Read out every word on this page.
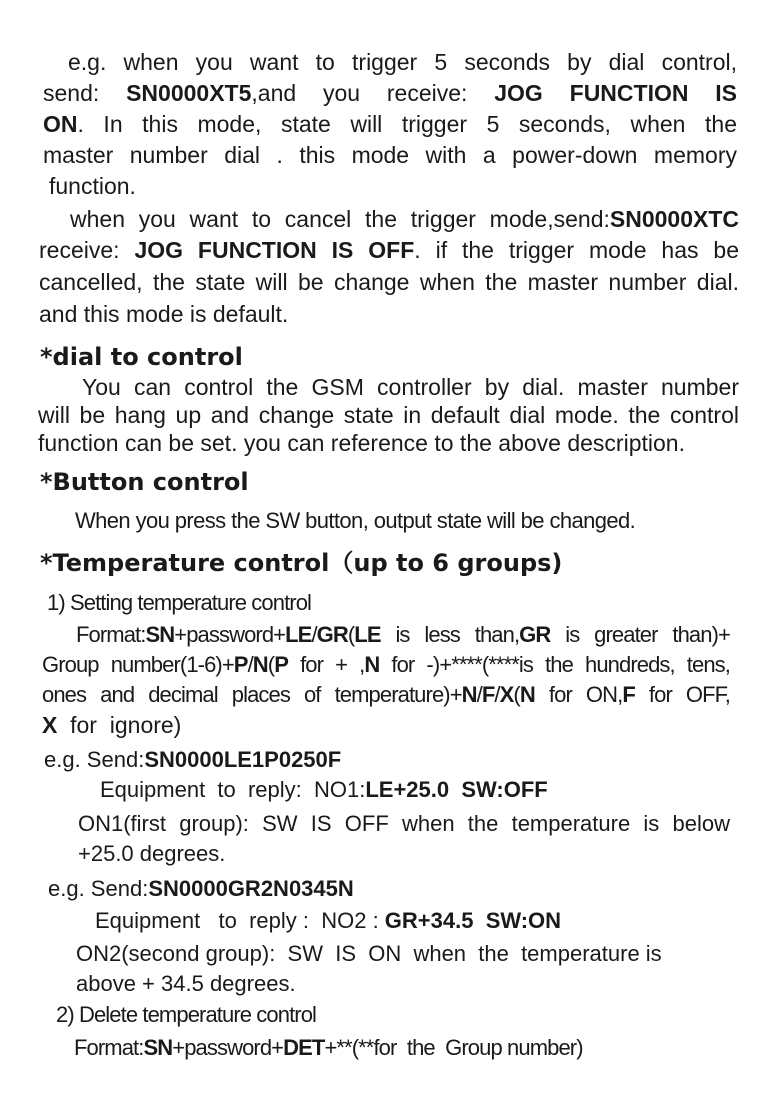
e.g. when you want to trigger 5 seconds by dial control,
send: SN0000XT5,and you receive: JOG FUNCTION IS
ON. In this mode, state will trigger 5 seconds, when the
master number dial . this mode with a power-down memory
function.
when you want to cancel the trigger mode,send:SN0000XTC
receive: JOG FUNCTION IS OFF. if the trigger mode has be
cancelled, the state will be change when the master number dial.
and this mode is default.
*dial to control
You can control the GSM controller by dial. master number
will be hang up and change state in default dial mode. the control
function can be set. you can reference to the above description.
*Button control
When you press the SW button, output state will be changed.
*Temperature control（up to 6 groups)
1) Setting temperature control
Format:SN+password+LE/GR(LE is less than,GR is greater than)+
Group number(1-6)+P/N(P for + ,N for -)+****(****is the hundreds, tens,
ones and decimal places of temperature)+N/F/X(N for ON,F for OFF,
X  for  ignore)
e.g. Send:SN0000LE1P0250F
Equipment  to  reply:  NO1:LE+25.0  SW:OFF
ON1(first group): SW IS OFF when the temperature is below
+25.0 degrees.
e.g. Send:SN0000GR2N0345N
Equipment   to  reply :  NO2 : GR+34.5  SW:ON
ON2(second group):  SW  IS  ON  when  the  temperature is
above + 34.5 degrees.
2) Delete temperature control
Format:SN+password+DET+**(**for  the  Group number)
